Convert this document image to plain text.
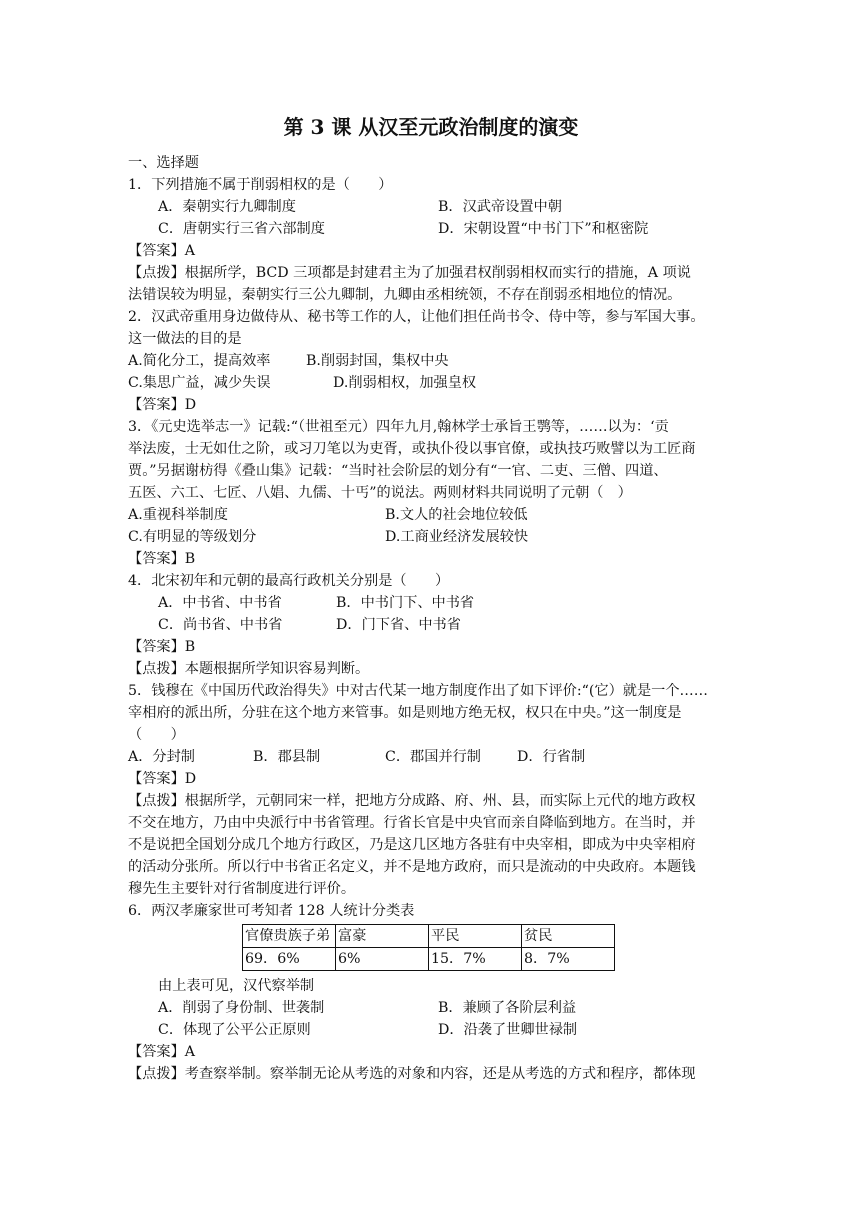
第 3 课 从汉至元政治制度的演变
一、选择题
1．下列措施不属于削弱相权的是（　　）
A．秦朝实行九卿制度	B．汉武帝设置中朝
C．唐朝实行三省六部制度	D．宋朝设置“中书门下”和枢密院
【答案】A
【点拨】根据所学，BCD 三项都是封建君主为了加强君权削弱相权而实行的措施，A 项说
法错误较为明显，秦朝实行三公九卿制，九卿由丞相统领，不存在削弱丞相地位的情况。
2．汉武帝重用身边做侍从、秘书等工作的人，让他们担任尚书令、侍中等，参与军国大事。
这一做法的目的是
A.简化分工，提高效率	B.削弱封国，集权中央
C.集思广益，减少失误	D.削弱相权，加强皇权
【答案】D
3．《元史选举志一》记载:“（世祖至元）四年九月,翰林学士承旨王鹗等，……以为：‘贡
举法废，士无如仕之阶，或习刀笔以为吏胥，或执仆役以事官僚，或执技巧败譬以为工匠商
贾。”另据谢枋得《叠山集》记载：“当时社会阶层的划分有“一官、二吏、三僧、四道、
五医、六工、七匠、八娼、九儒、十丐”的说法。两则材料共同说明了元朝（　）
A.重视科举制度	B.文人的社会地位较低
C.有明显的等级划分	D.工商业经济发展较快
【答案】B
4．北宋初年和元朝的最高行政机关分别是（　　）
A．中书省、中书省	B．中书门下、中书省
C．尚书省、中书省	D．门下省、中书省
【答案】B
【点拨】本题根据所学知识容易判断。
5．钱穆在《中国历代政治得失》中对古代某一地方制度作出了如下评价:“(它）就是一个……
宰相府的派出所，分驻在这个地方来管事。如是则地方绝无权，权只在中央。”这一制度是
（　　）
A．分封制	B．郡县制	C．郡国并行制	D．行省制
【答案】D
【点拨】根据所学，元朝同宋一样，把地方分成路、府、州、县，而实际上元代的地方政权
不交在地方，乃由中央派行中书省管理。行省长官是中央官而亲自降临到地方。在当时，并
不是说把全国划分成几个地方行政区，乃是这几区地方各驻有中央宰相，即成为中央宰相府
的活动分张所。所以行中书省正名定义，并不是地方政府，而只是流动的中央政府。本题钱
穆先生主要针对行省制度进行评价。
6．两汉孝廉家世可考知者 128 人统计分类表
官僚贵族子弟	富豪	平民	贫民
69．6%	6%	15．7%	8．7%
由上表可见，汉代察举制
A．削弱了身份制、世袭制	B．兼顾了各阶层利益
C．体现了公平公正原则	D．沿袭了世卿世禄制
【答案】A
【点拨】考查察举制。察举制无论从考选的对象和内容，还是从考选的方式和程序，都体现
